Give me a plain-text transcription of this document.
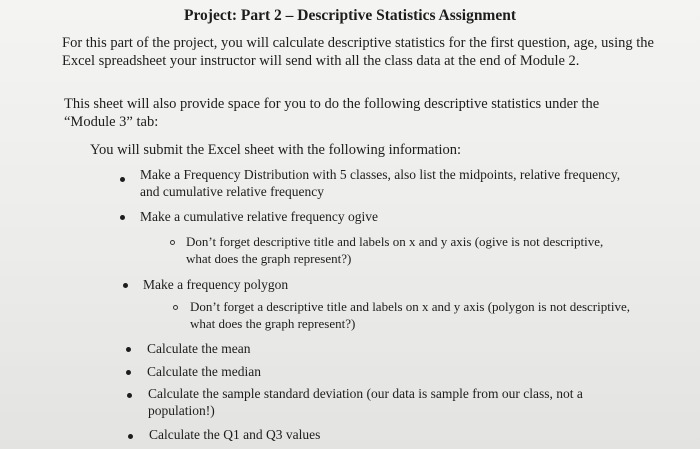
Project: Part 2 – Descriptive Statistics Assignment
For this part of the project, you will calculate descriptive statistics for the first question, age, using the Excel spreadsheet your instructor will send with all the class data at the end of Module 2.
This sheet will also provide space for you to do the following descriptive statistics under the “Module 3” tab:
You will submit the Excel sheet with the following information:
Make a Frequency Distribution with 5 classes, also list the midpoints, relative frequency, and cumulative relative frequency
Make a cumulative relative frequency ogive
Don’t forget descriptive title and labels on x and y axis (ogive is not descriptive, what does the graph represent?)
Make a frequency polygon
Don’t forget a descriptive title and labels on x and y axis (polygon is not descriptive, what does the graph represent?)
Calculate the mean
Calculate the median
Calculate the sample standard deviation (our data is sample from our class, not a population!)
Calculate the Q1 and Q3 values
